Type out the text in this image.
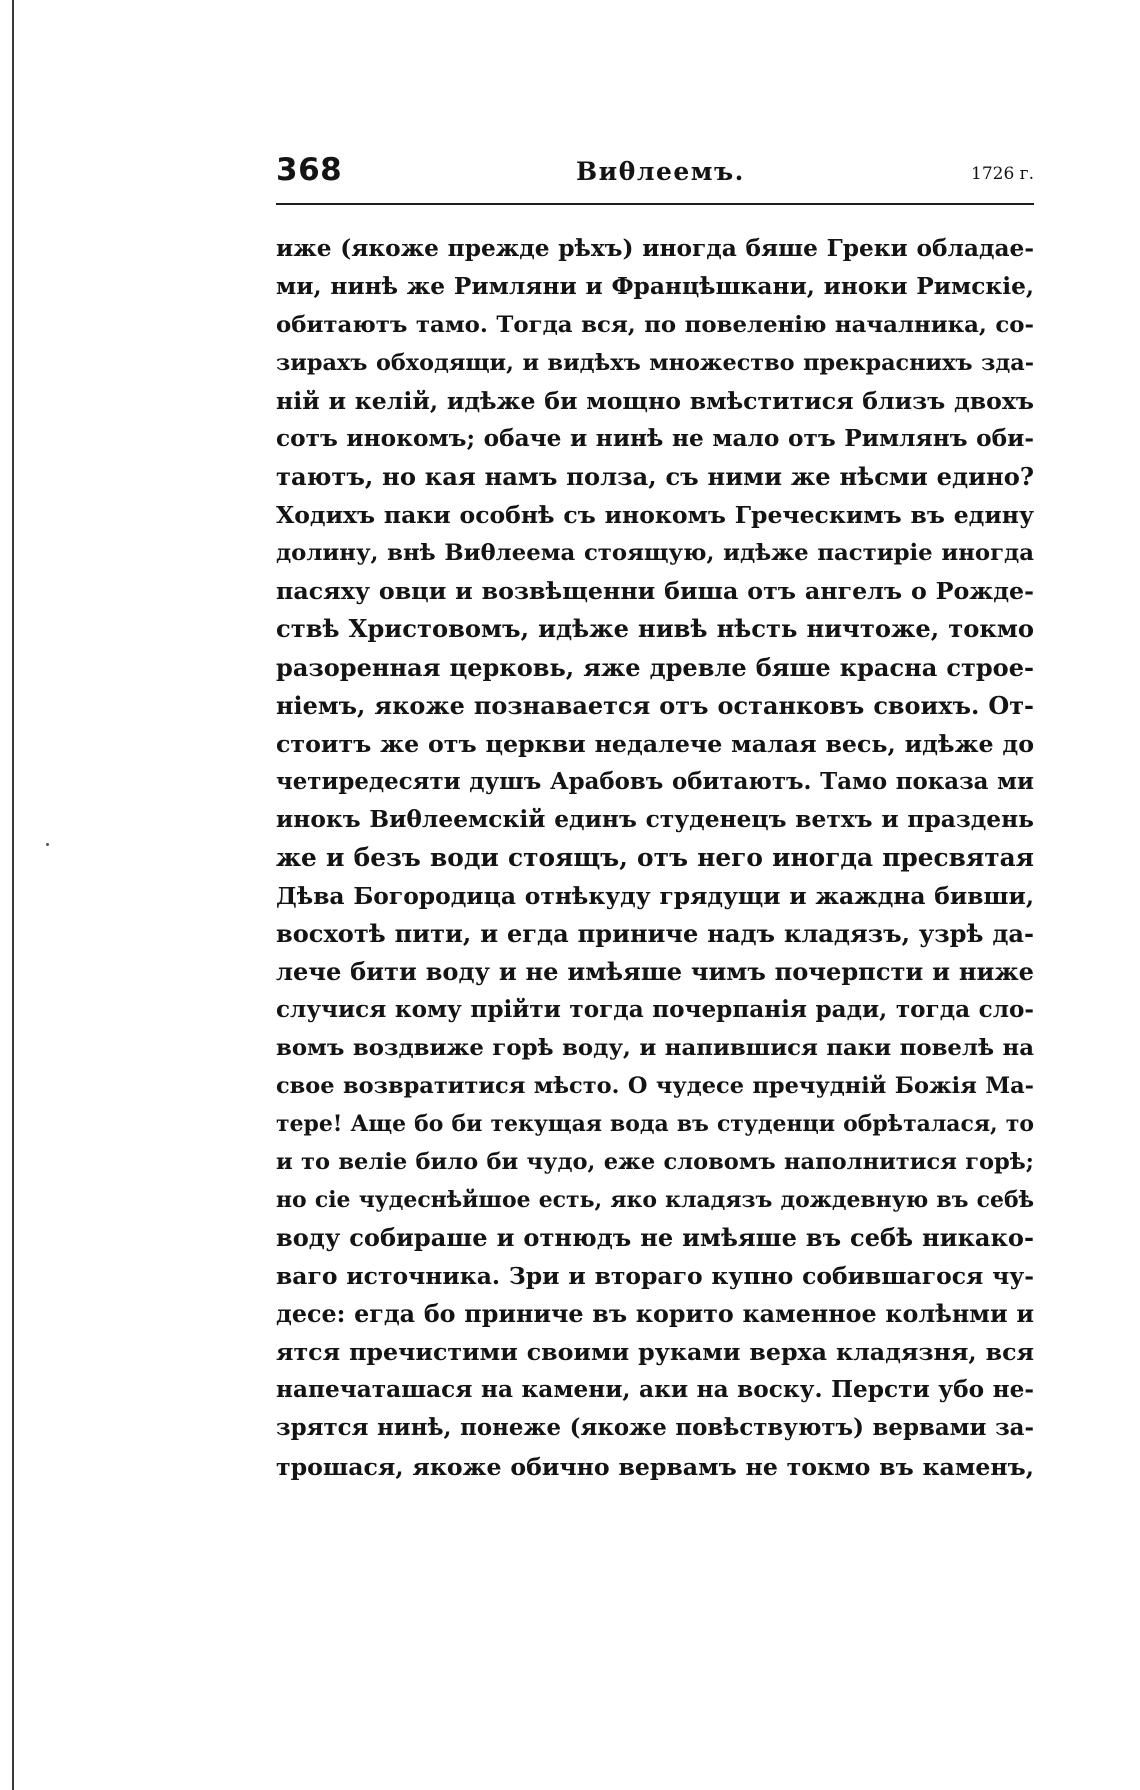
368	Виθлеемъ.	1726 г.
иже (якоже прежде рѣхъ) иногда бяше Греки обладае-
ми, нинѣ же Римляни и Францѣшкани, иноки Римскіе,
обитаютъ тамо. Тогда вся, по повеленію началника, со-
зирахъ обходящи, и видѣхъ множество прекраснихъ зда-
ній и келій, идѣже би мощно вмѣститися близъ двохъ
сотъ инокомъ; обаче и нинѣ не мало отъ Римлянъ оби-
таютъ, но кая намъ полза, съ ними же нѣсми едино?
Ходихъ паки особнѣ съ инокомъ Греческимъ въ едину
долину, внѣ Виθлеема стоящую, идѣже пастиріе иногда
пасяху овци и возвѣщенни биша отъ ангелъ о Рожде-
ствѣ Христовомъ, идѣже нивѣ нѣсть ничтоже, токмо
разоренная церковь, яже древле бяше красна строе-
ніемъ, якоже познавается отъ останковъ своихъ. От-
стоитъ же отъ церкви недалече малая весь, идѣже до
четиредесяти душъ Арабовъ обитаютъ. Тамо показа ми
инокъ Виθлеемскій единъ студенецъ ветхъ и праздень
же и безъ води стоящъ, отъ него иногда пресвятая
Дѣва Богородица отнѣкуду грядущи и жаждна бивши,
восхотѣ пити, и егда приниче надъ кладязъ, узрѣ да-
лече бити воду и не имѣяше чимъ почерпсти и ниже
случися кому прійти тогда почерпанія ради, тогда сло-
вомъ воздвиже горѣ воду, и напившися паки повелѣ на
свое возвратитися мѣсто. О чудесе пречудній Божія Ма-
тере! Аще бо би текущая вода въ студенци обрѣталася, то
и то веліе било би чудо, еже словомъ наполнитися горѣ;
но сіе чудеснѣйшое есть, яко кладязъ дождевную въ себѣ
воду собираше и отнюдъ не имѣяше въ себѣ никако-
ваго источника. Зри и втораго купно собившагося чу-
десе: егда бо приниче въ корито каменное колѣнми и
ятся пречистими своими руками верха кладязня, вся
напечаташася на камени, аки на воску. Персти убо не-
зрятся нинѣ, понеже (якоже повѣствуютъ) вервами за-
трошася, якоже обично вервамъ не токмо въ каменъ,
